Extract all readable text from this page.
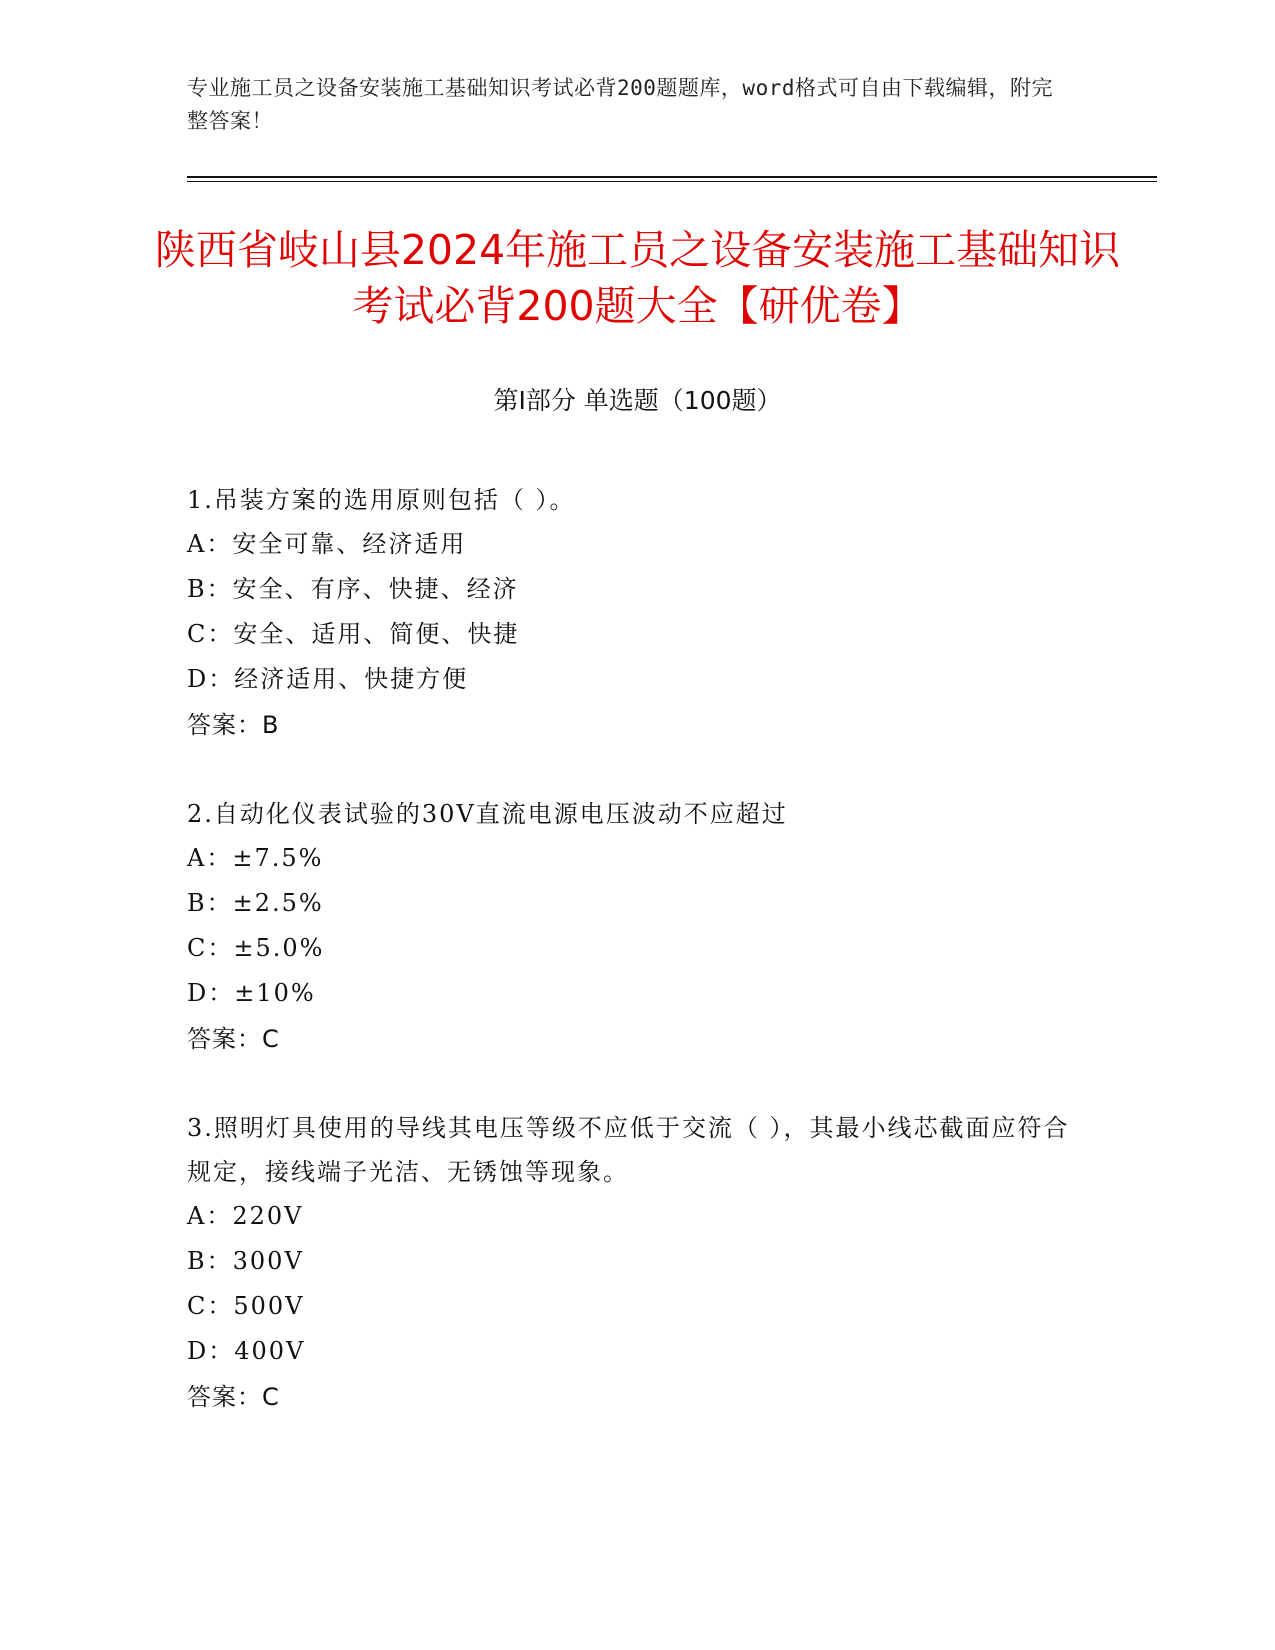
专业施工员之设备安装施工基础知识考试必背200题题库，word格式可自由下载编辑，附完整答案！
陕西省岐山县2024年施工员之设备安装施工基础知识考试必背200题大全【研优卷】
第Ⅰ部分 单选题（100题）
1.吊装方案的选用原则包括（ ）。
A：安全可靠、经济适用
B：安全、有序、快捷、经济
C：安全、适用、简便、快捷
D：经济适用、快捷方便
答案：B
2.自动化仪表试验的30V直流电源电压波动不应超过
A：±7.5%
B：±2.5%
C：±5.0%
D：±10%
答案：C
3.照明灯具使用的导线其电压等级不应低于交流（ ），其最小线芯截面应符合规定，接线端子光洁、无锈蚀等现象。
A：220V
B：300V
C：500V
D：400V
答案：C
